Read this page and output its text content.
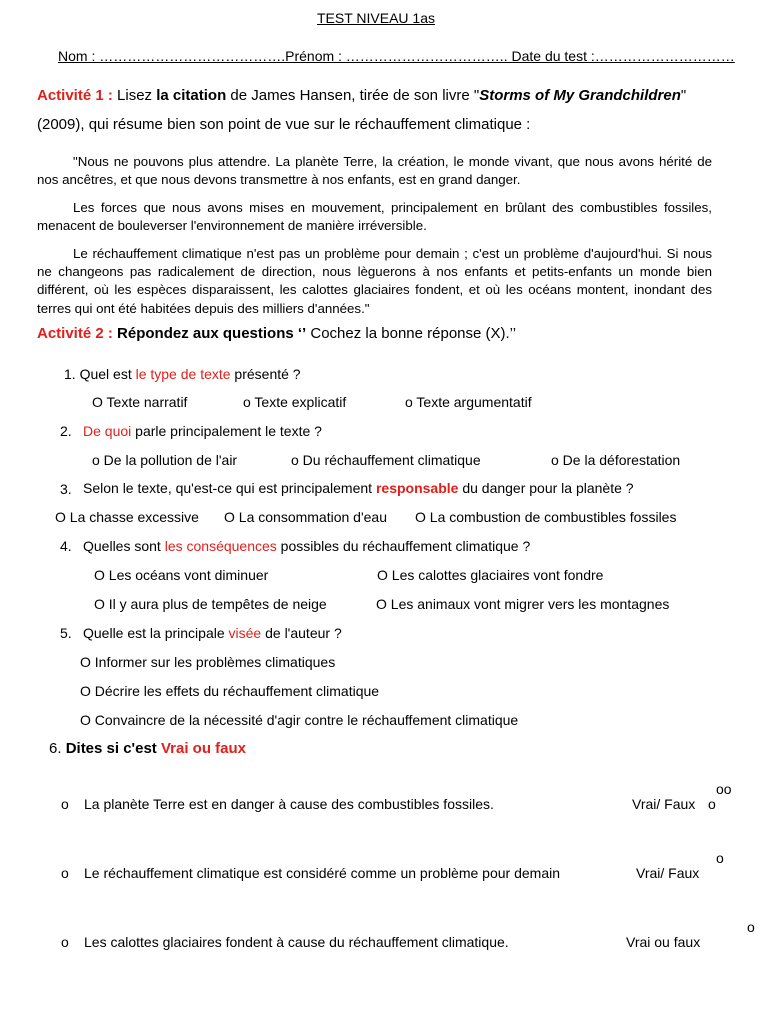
TEST NIVEAU 1as
Nom : ………………………………….Prénom : …………………………….. Date du test :…………………………
Activité 1 : Lisez la citation de James Hansen, tirée de son livre "Storms of My Grandchildren"
(2009), qui résume bien son point de vue sur le réchauffement climatique :
"Nous ne pouvons plus attendre. La planète Terre, la création, le monde vivant, que nous avons hérité de nos ancêtres, et que nous devons transmettre à nos enfants, est en grand danger.
Les forces que nous avons mises en mouvement, principalement en brûlant des combustibles fossiles, menacent de bouleverser l'environnement de manière irréversible.
Le réchauffement climatique n'est pas un problème pour demain ; c'est un problème d'aujourd'hui. Si nous ne changeons pas radicalement de direction, nous lèguerons à nos enfants et petits-enfants un monde bien différent, où les espèces disparaissent, les calottes glaciaires fondent, et où les océans montent, inondant des terres qui ont été habitées depuis des milliers d'années."
Activité 2 : Répondez aux questions ‘’ Cochez la bonne réponse (X).’’
1. Quel est le type de texte présenté ?
O Texte narratif	o Texte explicatif	o Texte argumentatif
2. De quoi parle principalement le texte ?
o De la pollution de l'air	o Du réchauffement climatique	o De la déforestation
3. Selon le texte, qu'est-ce qui est principalement responsable du danger pour la planète ?
O La chasse excessive O La consommation d'eau O La combustion de combustibles fossiles
4. Quelles sont les conséquences possibles du réchauffement climatique ?
O Les océans vont diminuer	O Les calottes glaciaires vont fondre
O Il y aura plus de tempêtes de neige	O Les animaux vont migrer vers les montagnes
5. Quelle est la principale visée de l'auteur ?
O Informer sur les problèmes climatiques
O Décrire les effets du réchauffement climatique
O Convaincre de la nécessité d'agir contre le réchauffement climatique
6. Dites si c'est Vrai ou faux
o La planète Terre est en danger à cause des combustibles fossiles.	Vrai/ Faux o
oo
o Le réchauffement climatique est considéré comme un problème pour demain	Vrai/ Faux
o
o Les calottes glaciaires fondent à cause du réchauffement climatique.	Vrai ou faux
o
